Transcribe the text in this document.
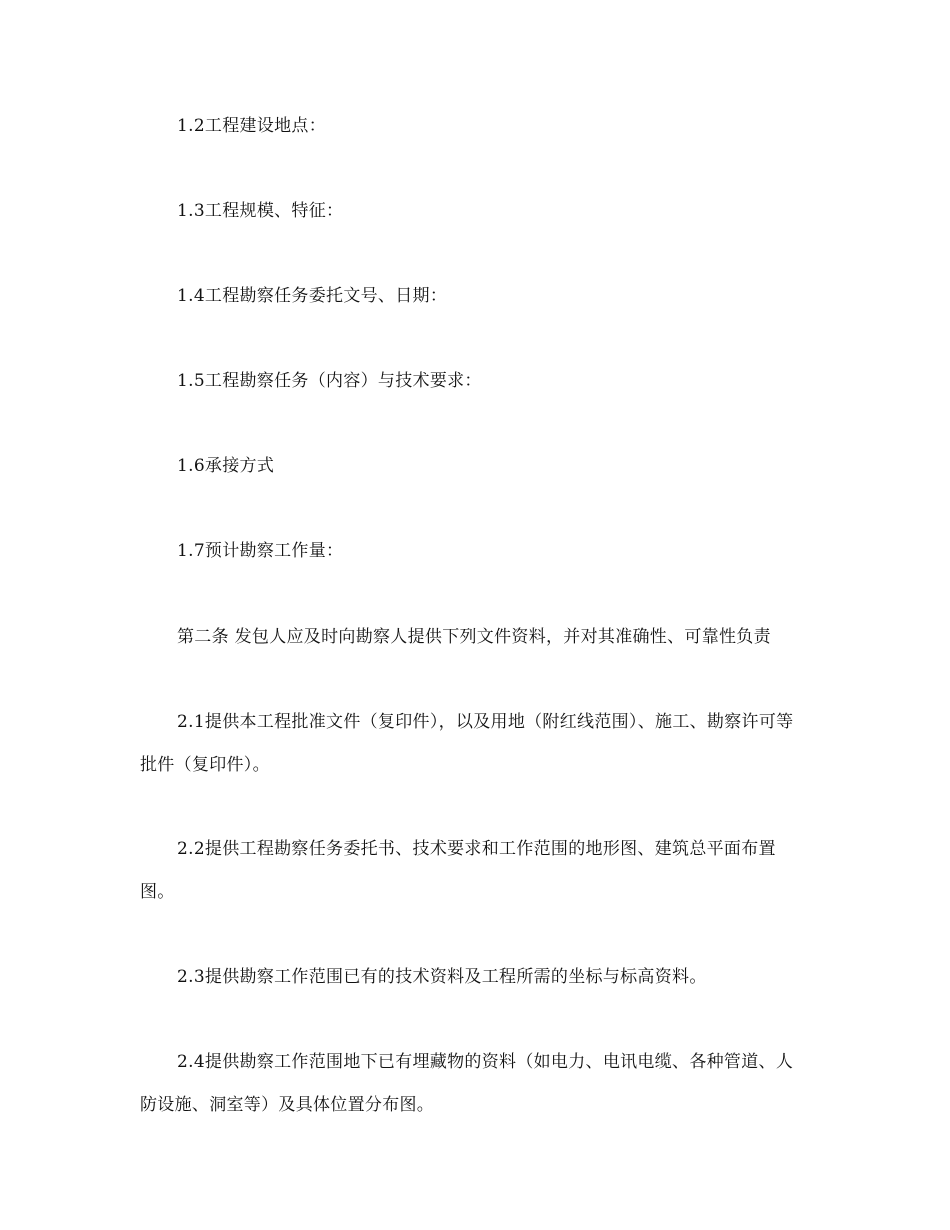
1.2工程建设地点：
1.3工程规模、特征：
1.4工程勘察任务委托文号、日期：
1.5工程勘察任务（内容）与技术要求：
1.6承接方式
1.7预计勘察工作量：
第二条 发包人应及时向勘察人提供下列文件资料，并对其准确性、可靠性负责
2.1提供本工程批准文件（复印件），以及用地（附红线范围）、施工、勘察许可等
批件（复印件）。
2.2提供工程勘察任务委托书、技术要求和工作范围的地形图、建筑总平面布置
图。
2.3提供勘察工作范围已有的技术资料及工程所需的坐标与标高资料。
2.4提供勘察工作范围地下已有埋藏物的资料（如电力、电讯电缆、各种管道、人
防设施、洞室等）及具体位置分布图。
